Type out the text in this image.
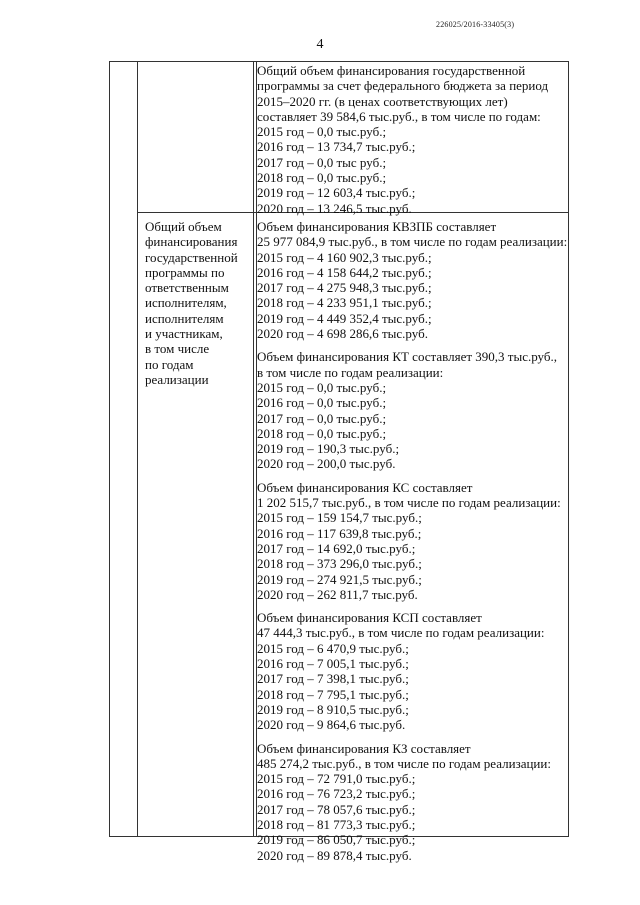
226025/2016-33405(3)
4
Общий объем финансирования государственной
программы за счет федерального бюджета за период
2015–2020 гг. (в ценах соответствующих лет)
составляет 39 584,6 тыс.руб., в том числе по годам:
2015 год – 0,0 тыс.руб.;
2016 год – 13 734,7 тыс.руб.;
2017 год – 0,0 тыс руб.;
2018 год – 0,0 тыс.руб.;
2019 год – 12 603,4 тыс.руб.;
2020 год – 13 246,5 тыс.руб.
Общий объем
финансирования
государственной
программы по
ответственным
исполнителям,
исполнителям
и участникам,
в том числе
по годам
реализации
Объем финансирования КВЗПБ составляет
25 977 084,9 тыс.руб., в том числе по годам реализации:
2015 год – 4 160 902,3 тыс.руб.;
2016 год – 4 158 644,2 тыс.руб.;
2017 год – 4 275 948,3 тыс.руб.;
2018 год – 4 233 951,1 тыс.руб.;
2019 год – 4 449 352,4 тыс.руб.;
2020 год – 4 698 286,6 тыс.руб.
Объем финансирования КТ составляет 390,3 тыс.руб.,
в том числе по годам реализации:
2015 год – 0,0 тыс.руб.;
2016 год – 0,0 тыс.руб.;
2017 год – 0,0 тыс.руб.;
2018 год – 0,0 тыс.руб.;
2019 год – 190,3 тыс.руб.;
2020 год – 200,0 тыс.руб.
Объем финансирования КС составляет
1 202 515,7 тыс.руб., в том числе по годам реализации:
2015 год – 159 154,7 тыс.руб.;
2016 год – 117 639,8 тыс.руб.;
2017 год – 14 692,0 тыс.руб.;
2018 год – 373 296,0 тыс.руб.;
2019 год – 274 921,5 тыс.руб.;
2020 год – 262 811,7 тыс.руб.
Объем финансирования КСП составляет
47 444,3 тыс.руб., в том числе по годам реализации:
2015 год – 6 470,9 тыс.руб.;
2016 год – 7 005,1 тыс.руб.;
2017 год – 7 398,1 тыс.руб.;
2018 год – 7 795,1 тыс.руб.;
2019 год – 8 910,5 тыс.руб.;
2020 год – 9 864,6 тыс.руб.
Объем финансирования КЗ составляет
485 274,2 тыс.руб., в том числе по годам реализации:
2015 год – 72 791,0 тыс.руб.;
2016 год – 76 723,2 тыс.руб.;
2017 год – 78 057,6 тыс.руб.;
2018 год – 81 773,3 тыс.руб.;
2019 год – 86 050,7 тыс.руб.;
2020 год – 89 878,4 тыс.руб.
